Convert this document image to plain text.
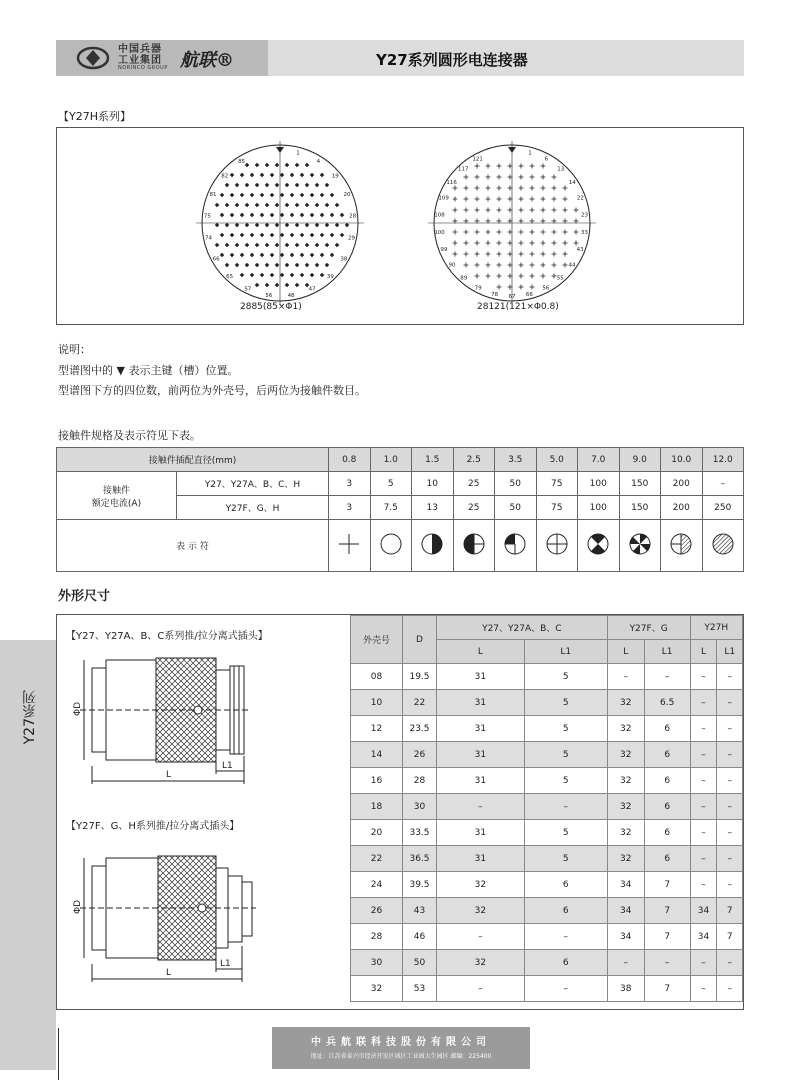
中国兵器
工业集团
NORINCO GROUP 航联®	Y27系列圆形电连接器
【Y27H系列】
1
4
19
20
28
29
38
39
47
48
56
57
65
66
74
75
81
82
85
1
6
13
14
22
23
33
43
44
55
56
66
67
78
79
89
90
99
100
108
109
116
117
121
2885(85×Φ1)	28121(121×Φ0.8)
说明：
型谱图中的 ▼ 表示主键（槽）位置。
型谱图下方的四位数，前两位为外壳号，后两位为接触件数目。
接触件规格及表示符见下表。
接触件插配直径(mm)		0.8	1.0	1.5	2.5	3.5	5.0	7.0	9.0	10.0	12.0
接触件
额定电流(A)	Y27、Y27A、B、C、H	3	5	10	25	50	75	100	150	200	–
	Y27F、G、H	3	7.5	13	25	50	75	100	150	200	250
表 示 符										
外形尺寸
Y27系列
【Y27、Y27A、B、C系列推/拉分离式插头】
【Y27F、G、H系列推/拉分离式插头】
ΦD
L
L1
ΦD
L
L1
外壳号	D	Y27、Y27A、B、C		Y27F、G		Y27H	
		L	L1	L	L1	L	L1
08	19.5	31	5	–	–	–	–
10	22	31	5	32	6.5	–	–
12	23.5	31	5	32	6	–	–
14	26	31	5	32	6	–	–
16	28	31	5	32	6	–	–
18	30	–	–	32	6	–	–
20	33.5	31	5	32	6	–	–
22	36.5	31	5	32	6	–	–
24	39.5	32	6	34	7	–	–
26	43	32	6	34	7	34	7
28	46	–	–	34	7	34	7
30	50	32	6	–	–	–	–
32	53	–	–	38	7	–	–
中兵航联科技股份有限公司
地址：江苏省泰兴市经济开发区城区工业园大生园区 邮编：225400
